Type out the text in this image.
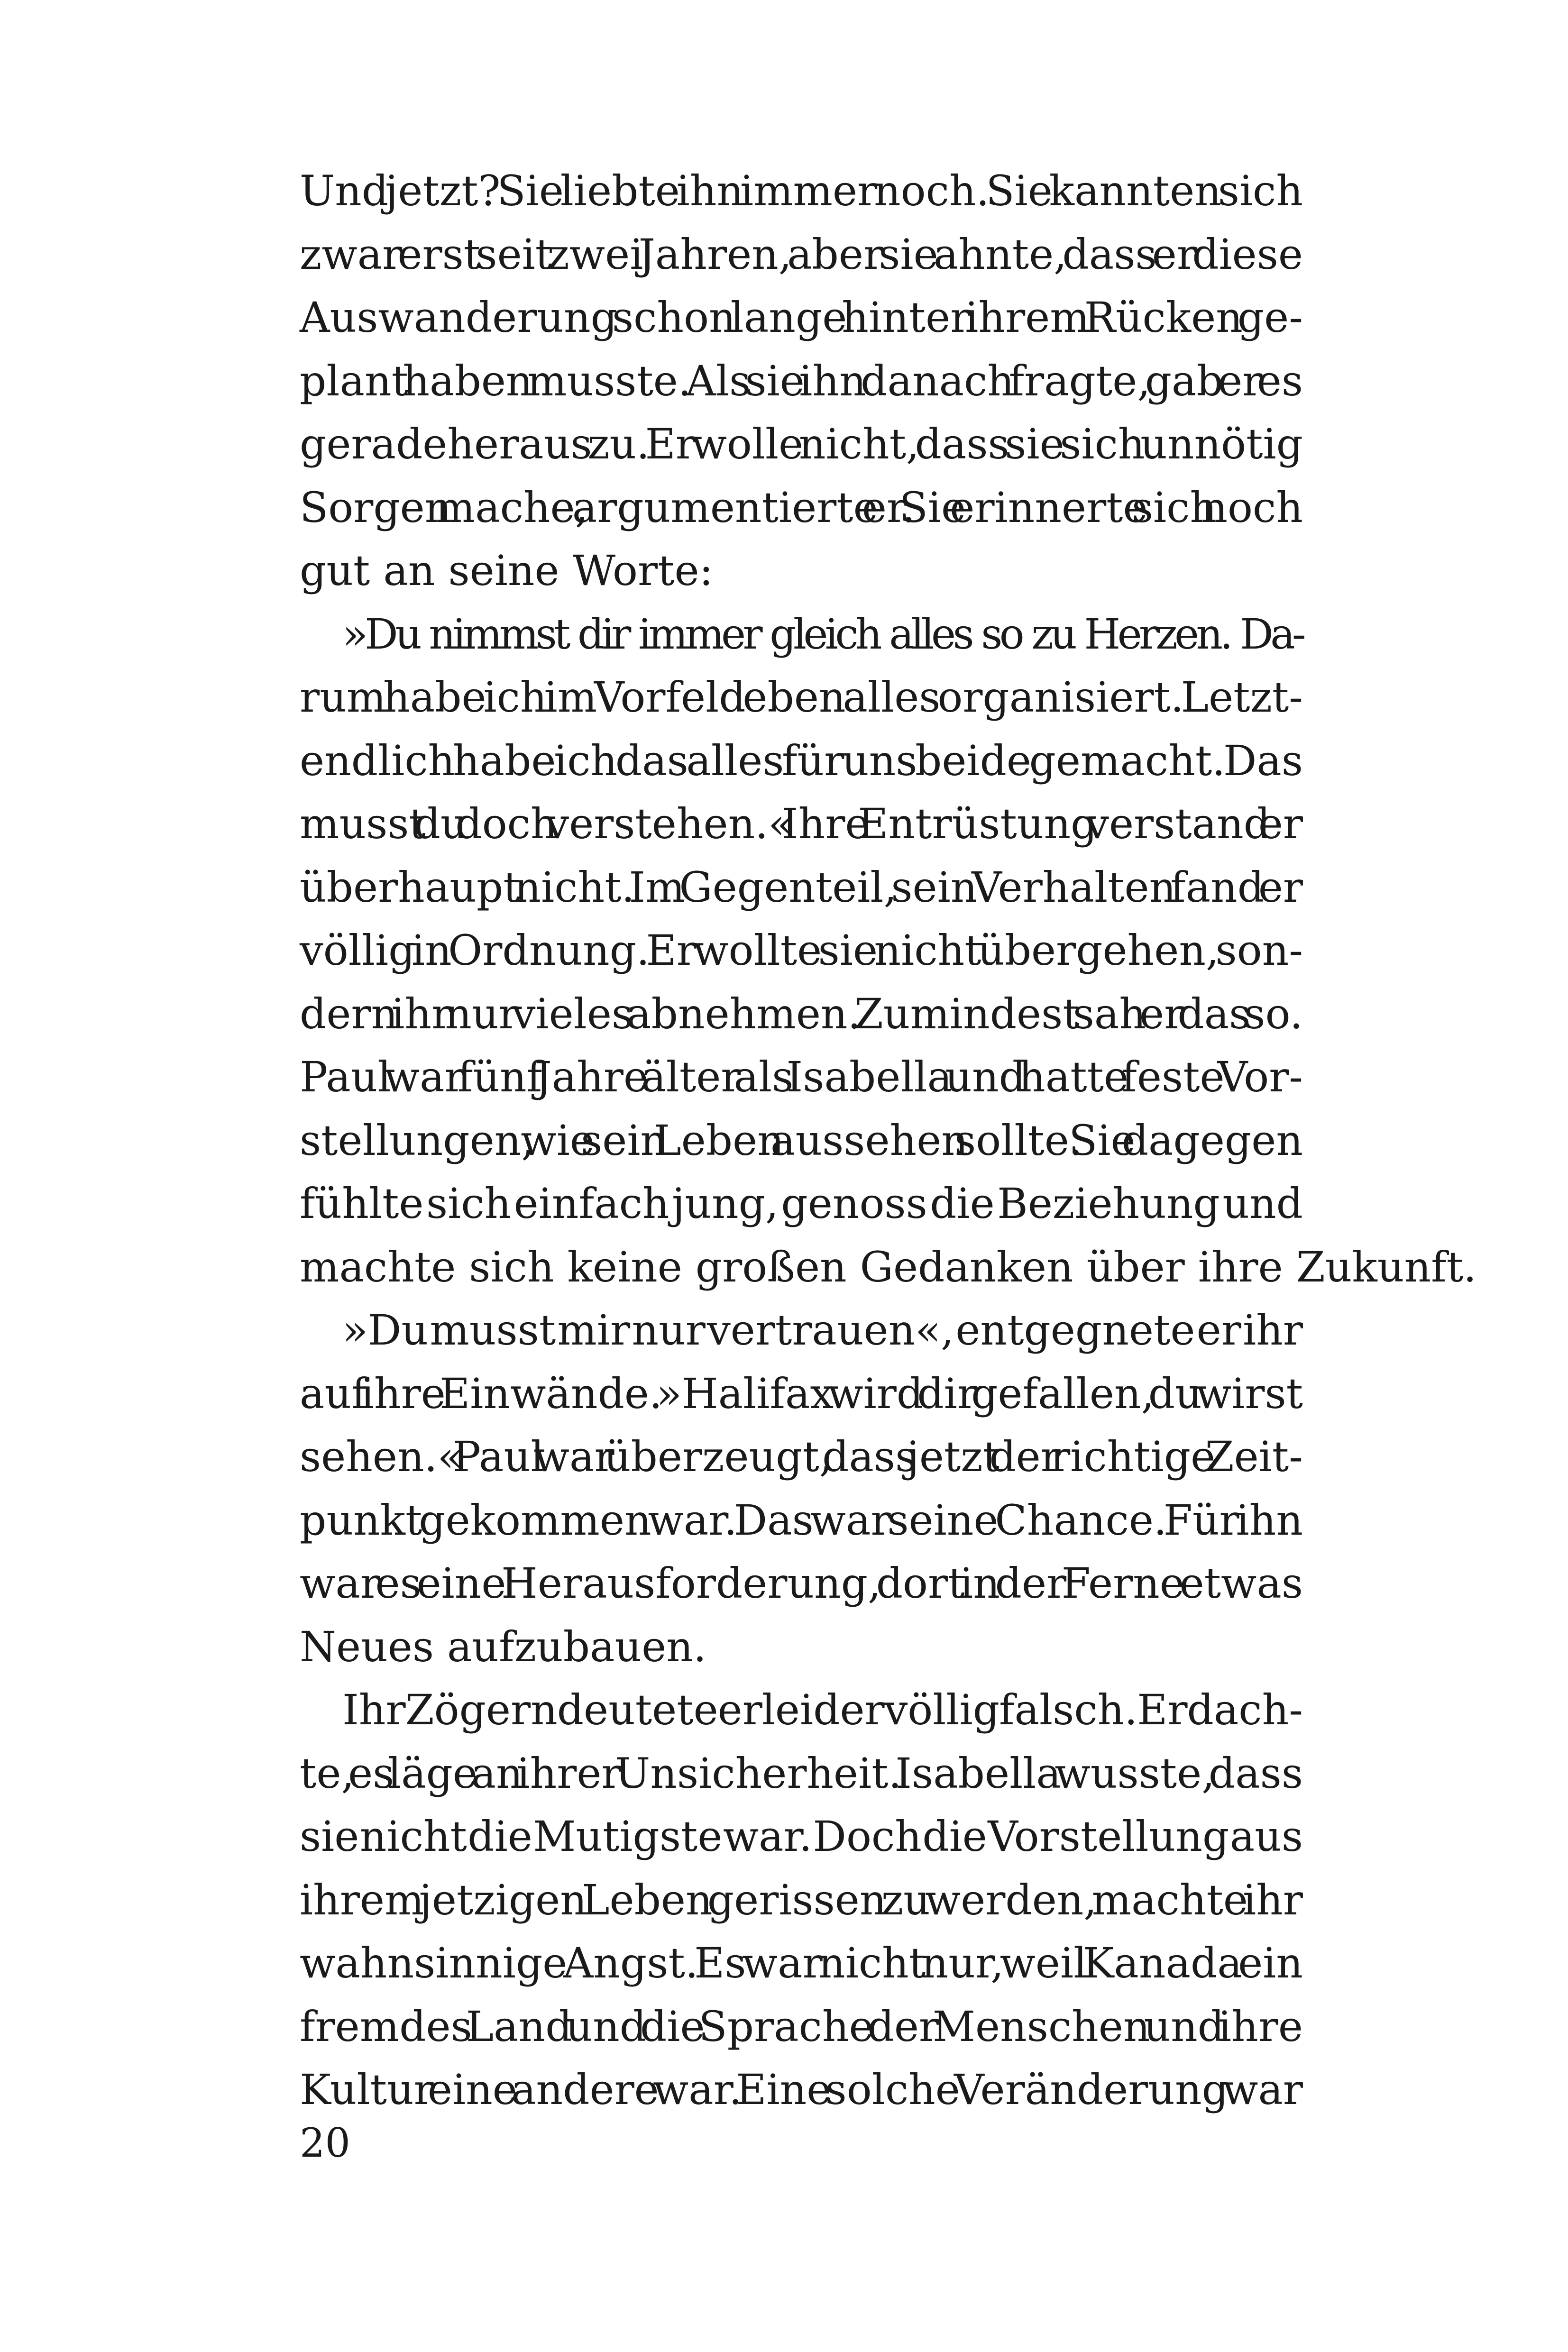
Und jetzt? Sie liebte ihn immer noch. Sie kannten sich
zwar erst seit zwei Jahren, aber sie ahnte, dass er diese
Auswanderung schon lange hinter ihrem Rücken ge-
plant haben musste. Als sie ihn danach fragte, gab er es
geradeheraus zu. Er wolle nicht, dass sie sich unnötig
Sorgen mache, argumentierte er. Sie erinnerte sich noch
gut an seine Worte:
»Du nimmst dir immer gleich alles so zu Herzen. Da-
rum habe ich im Vorfeld eben alles organisiert. Letzt-
endlich habe ich das alles für uns beide gemacht. Das
musst du doch verstehen.« Ihre Entrüstung verstand er
überhaupt nicht. Im Gegenteil, sein Verhalten fand er
völlig in Ordnung. Er wollte sie nicht übergehen, son-
dern ihr nur vieles abnehmen. Zumindest sah er das so.
Paul war fünf Jahre älter als Isabella und hatte feste Vor-
stellungen, wie sein Leben aussehen sollte. Sie dagegen
fühlte sich einfach jung, genoss die Beziehung und
machte sich keine großen Gedanken über ihre Zukunft.
»Du musst mir nur vertrauen«, entgegnete er ihr
auf ihre Einwände. »Halifax wird dir gefallen, du wirst
sehen.« Paul war überzeugt, dass jetzt der richtige Zeit-
punkt gekommen war. Das war seine Chance. Für ihn
war es eine Herausforderung, dort in der Ferne etwas
Neues aufzubauen.
Ihr Zögern deutete er leider völlig falsch. Er dach-
te, es läge an ihrer Unsicherheit. Isabella wusste, dass
sie nicht die Mutigste war. Doch die Vorstellung aus
ihrem jetzigen Leben gerissen zu werden, machte ihr
wahnsinnige Angst. Es war nicht nur, weil Kanada ein
fremdes Land und die Sprache der Menschen und ihre
Kultur eine andere war. Eine solche Veränderung war
20
